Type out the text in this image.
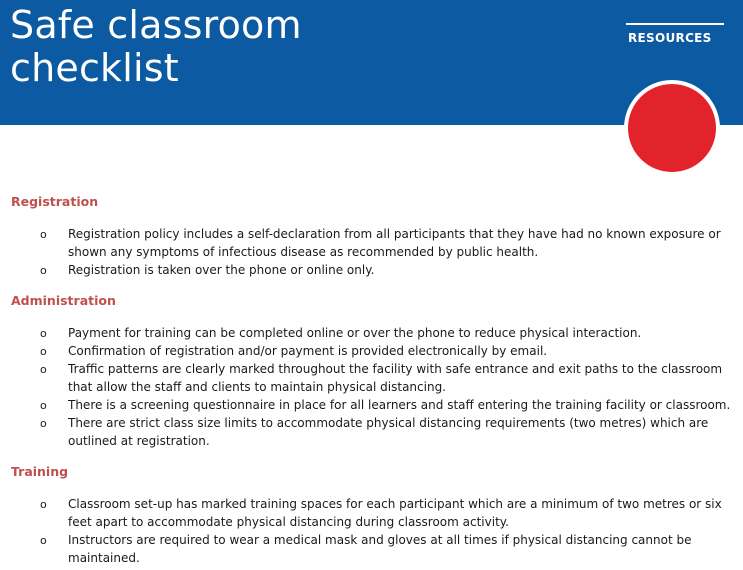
Safe classroom
checklist
RESOURCES
Registration
o Registration policy includes a self-declaration from all participants that they have had no known exposure or shown any symptoms of infectious disease as recommended by public health.
o Registration is taken over the phone or online only.
Administration
o Payment for training can be completed online or over the phone to reduce physical interaction.
o Confirmation of registration and/or payment is provided electronically by email.
o Traffic patterns are clearly marked throughout the facility with safe entrance and exit paths to the classroom that allow the staff and clients to maintain physical distancing.
o There is a screening questionnaire in place for all learners and staff entering the training facility or classroom.
o There are strict class size limits to accommodate physical distancing requirements (two metres) which are outlined at registration.
Training
o Classroom set-up has marked training spaces for each participant which are a minimum of two metres or six feet apart to accommodate physical distancing during classroom activity.
o Instructors are required to wear a medical mask and gloves at all times if physical distancing cannot be maintained.
